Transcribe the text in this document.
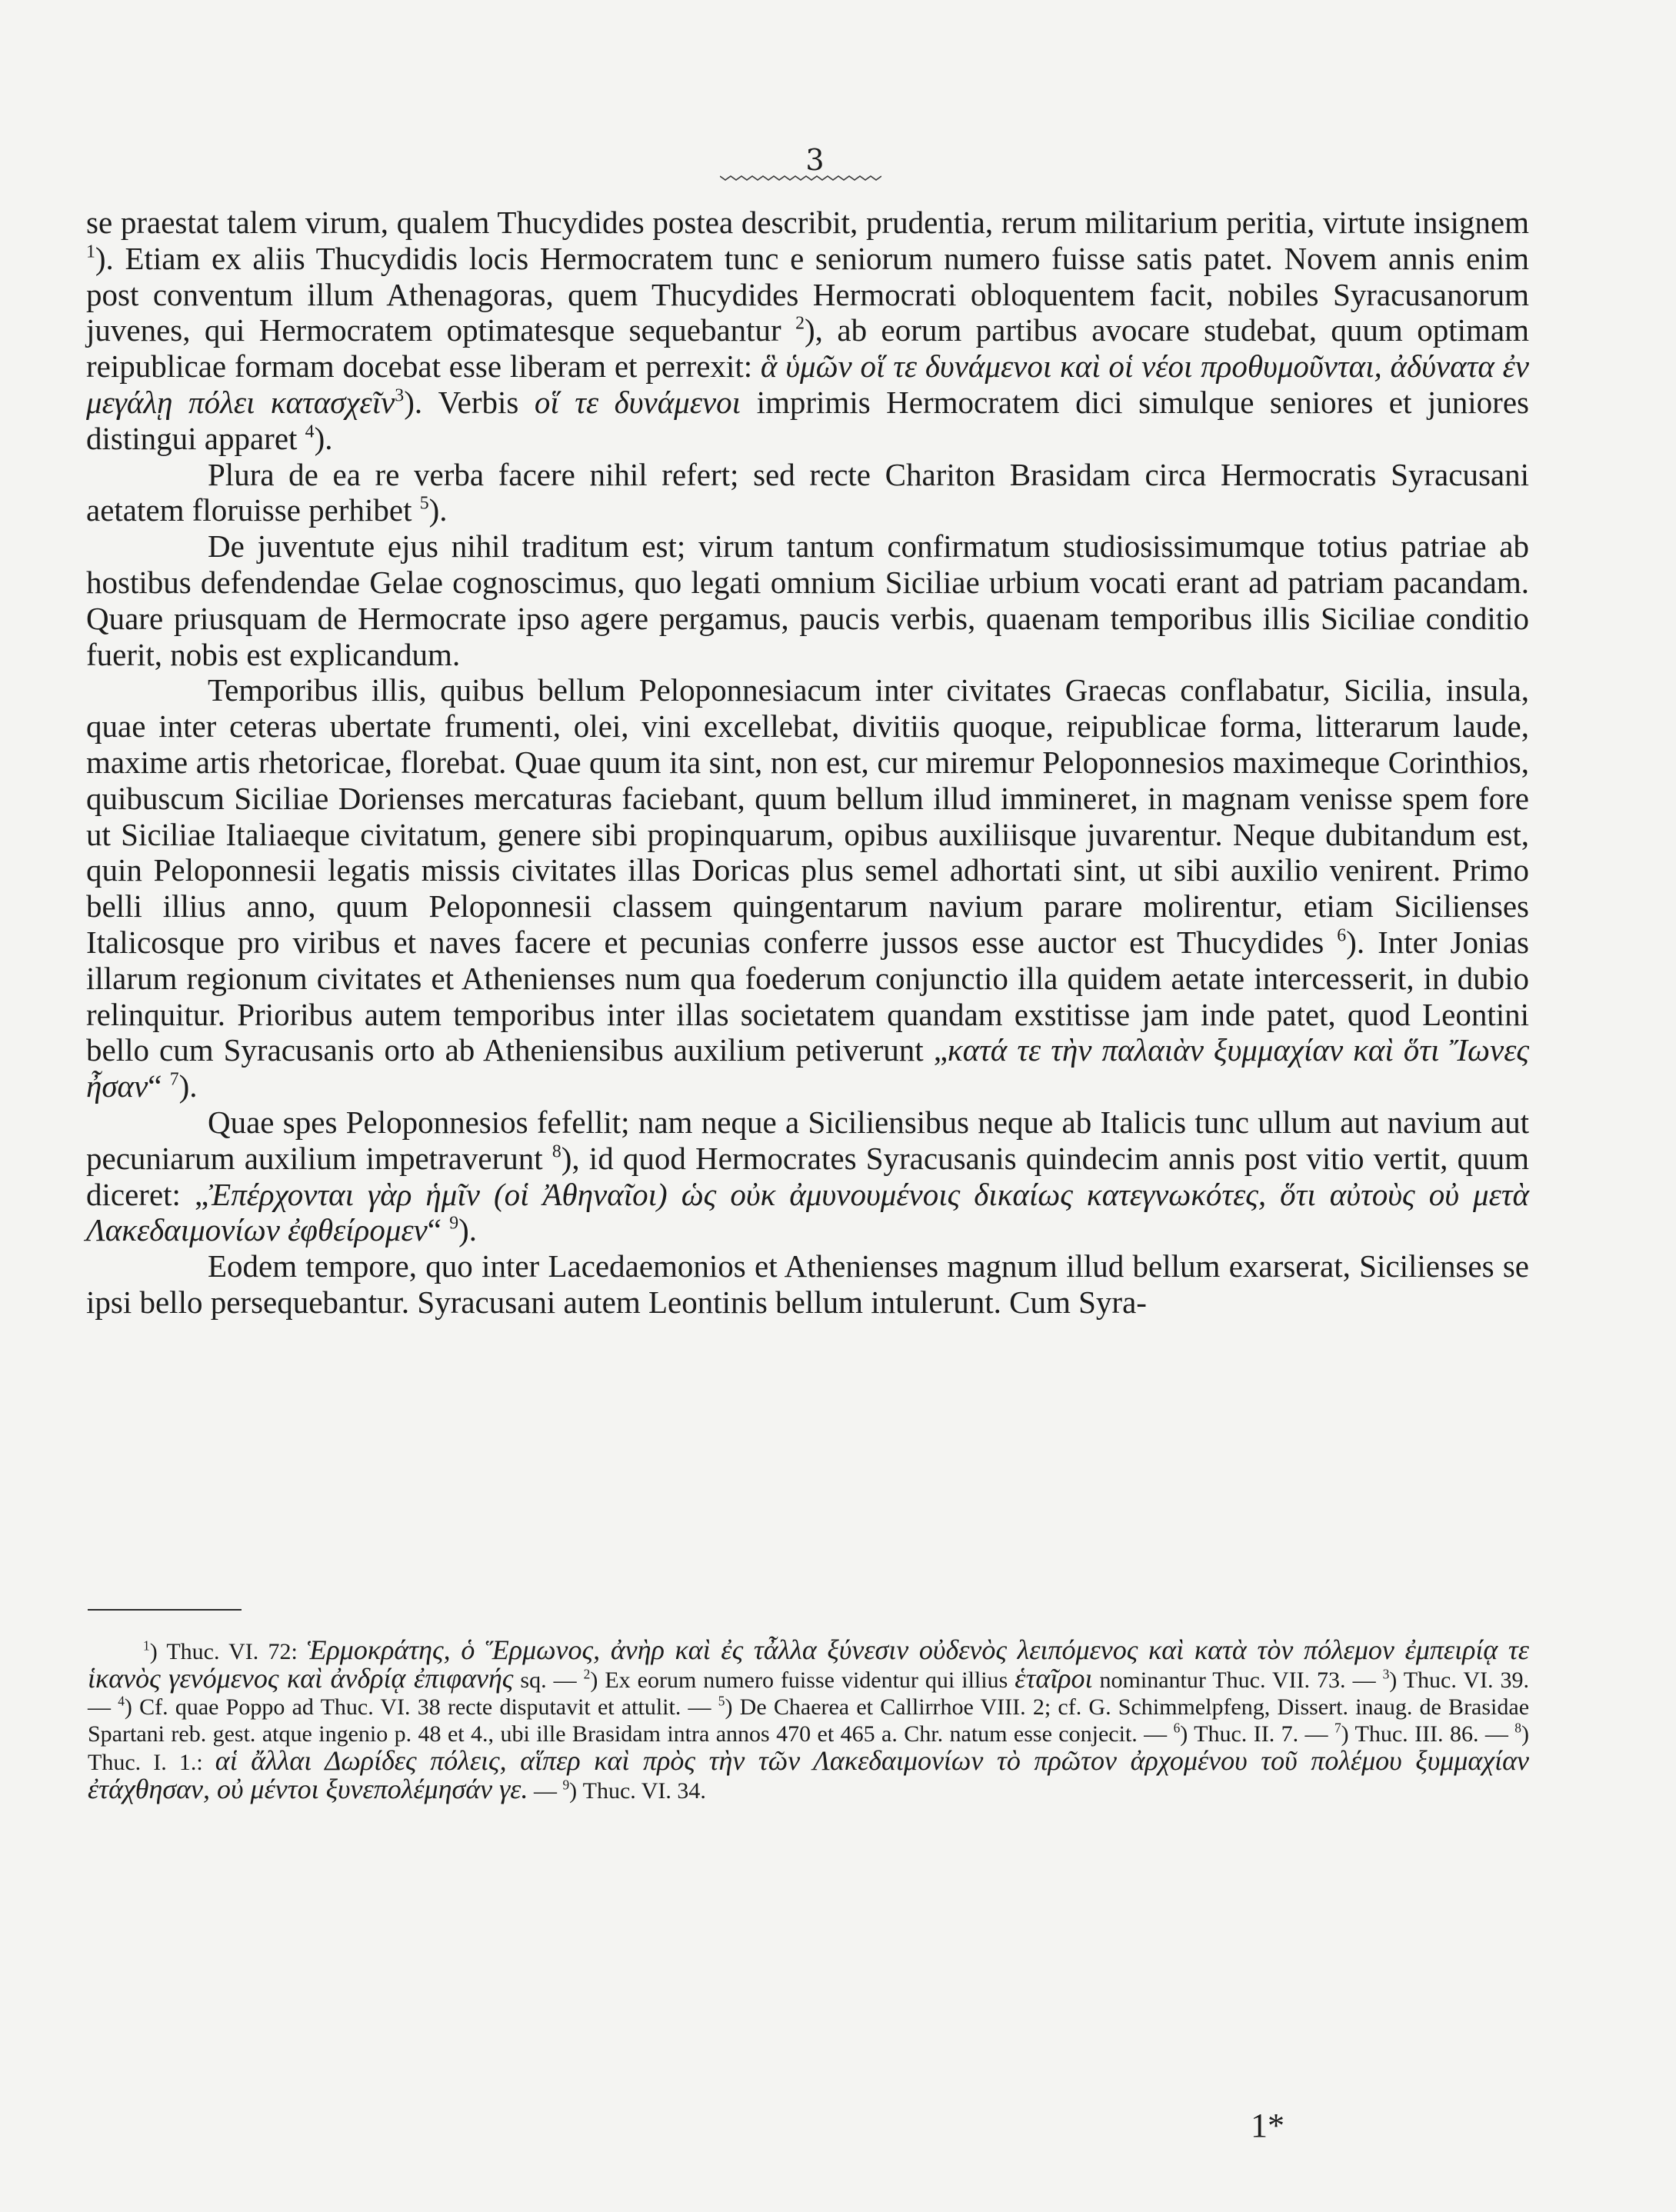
3

se praestat talem virum, qualem Thucydides postea describit, prudentia, rerum militarium peritia, virtute insignem $^1$). Etiam ex aliis Thucydidis locis Hermocratem tunc e seniorum numero fuisse satis patet. Novem annis enim post conventum illum Athenagoras, quem Thucydides Hermocrati obloquentem facit, nobiles Syracusanorum juvenes, qui Hermocratem optimatesque sequebantur $^2$), ab eorum partibus avocare studebat, quum optimam reipublicae formam docebat esse liberam et perrexit: ἃ ὑμῶν οἵ τε δυνάμενοι καὶ οἱ νέοι προθυμοῦνται, ἀδύνατα ἐν μεγάλῃ πόλει κατασχεῖν$^3$). Verbis οἵ τε δυνάμενοι imprimis Hermocratem dici simulque seniores et juniores distingui apparet $^4$).

Plura de ea re verba facere nihil refert; sed recte Chariton Brasidam circa Hermocratis Syracusani aetatem floruisse perhibet $^5$).

De juventute ejus nihil traditum est; virum tantum confirmatum studiosissimumque totius patriae ab hostibus defendendae Gelae cognoscimus, quo legati omnium Siciliae urbium vocati erant ad patriam pacandam. Quare priusquam de Hermocrate ipso agere pergamus, paucis verbis, quaenam temporibus illis Siciliae conditio fuerit, nobis est explicandum.

Temporibus illis, quibus bellum Peloponnesiacum inter civitates Graecas conflabatur, Sicilia, insula, quae inter ceteras ubertate frumenti, olei, vini excellebat, divitiis quoque, reipublicae forma, litterarum laude, maxime artis rhetoricae, florebat. Quae quum ita sint, non est, cur miremur Peloponnesios maximeque Corinthios, quibuscum Siciliae Dorienses mercaturas faciebant, quum bellum illud immineret, in magnam venisse spem fore ut Siciliae Italiaeque civitatum, genere sibi propinquarum, opibus auxiliisque juvarentur. Neque dubitandum est, quin Peloponnesii legatis missis civitates illas Doricas plus semel adhortati sint, ut sibi auxilio venirent. Primo belli illius anno, quum Peloponnesii classem quingentarum navium parare molirentur, etiam Sicilienses Italicosque pro viribus et naves facere et pecunias conferre jussos esse auctor est Thucydides $^6$). Inter Jonias illarum regionum civitates et Athenienses num qua foederum conjunctio illa quidem aetate intercesserit, in dubio relinquitur. Prioribus autem temporibus inter illas societatem quandam exstitisse jam inde patet, quod Leontini bello cum Syracusanis orto ab Atheniensibus auxilium petiverunt „κατά τε τὴν παλαιὰν ξυμμαχίαν καὶ ὅτι Ἴωνες ἦσαν“ $^7$).

Quae spes Peloponnesios fefellit; nam neque a Siciliensibus neque ab Italicis tunc ullum aut navium aut pecuniarum auxilium impetraverunt $^8$), id quod Hermocrates Syracusanis quindecim annis post vitio vertit, quum diceret: „Ἐπέρχονται γὰρ ἡμῖν (οἱ Ἀθηναῖοι) ὡς οὐκ ἀμυνουμένοις δικαίως κατεγνωκότες, ὅτι αὐτοὺς οὐ μετὰ Λακεδαιμονίων ἐφθείρομεν“ $^9$).

Eodem tempore, quo inter Lacedaemonios et Athenienses magnum illud bellum exarserat, Sicilienses se ipsi bello persequebantur. Syracusani autem Leontinis bellum intulerunt. Cum Syra-

$^1$) Thuc. VI. 72: Ἑρμοκράτης, ὁ Ἕρμωνος, ἀνὴρ καὶ ἐς τἆλλα ξύνεσιν οὐδενὸς λειπόμενος καὶ κατὰ τὸν πόλεμον ἐμπειρίᾳ τε ἱκανὸς γενόμενος καὶ ἀνδρίᾳ ἐπιφανής sq. — $^2$) Ex eorum numero fuisse videntur qui illius ἑταῖροι nominantur Thuc. VII. 73. — $^3$) Thuc. VI. 39. — $^4$) Cf. quae Poppo ad Thuc. VI. 38 recte disputavit et attulit. — $^5$) De Chaerea et Callirrhoe VIII. 2; cf. G. Schimmelpfeng, Dissert. inaug. de Brasidae Spartani reb. gest. atque ingenio p. 48 et 4., ubi ille Brasidam intra annos 470 et 465 a. Chr. natum esse conjecit. — $^6$) Thuc. II. 7. — $^7$) Thuc. III. 86. — $^8$) Thuc. I. 1.: αἱ ἄλλαι Δωρίδες πόλεις, αἵπερ καὶ πρὸς τὴν τῶν Λακεδαιμονίων τὸ πρῶτον ἀρχομένου τοῦ πολέμου ξυμμαχίαν ἐτάχθησαν, οὐ μέντοι ξυνεπολέμησάν γε. — $^9$) Thuc. VI. 34.

1*
